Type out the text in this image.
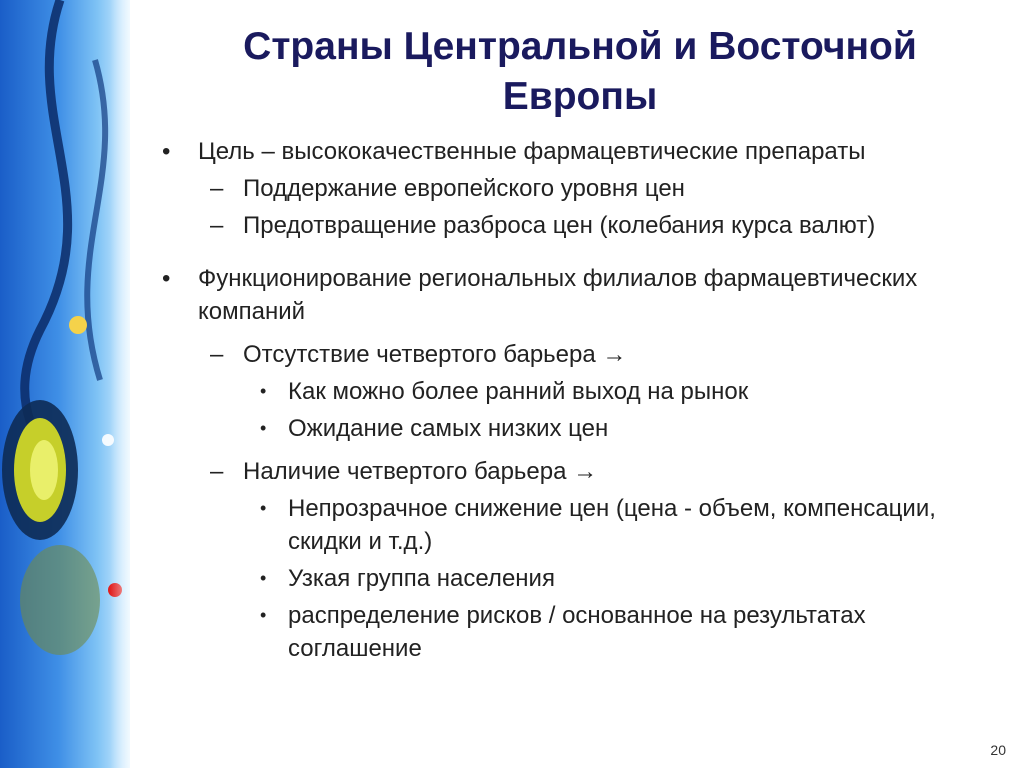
Страны Центральной и Восточной
Европы
• Цель – высококачественные фармацевтические препараты
– Поддержание европейского уровня цен
– Предотвращение разброса цен (колебания курса валют)
• Функционирование региональных филиалов фармацевтических компаний
– Отсутствие четвертого барьера →
• Как можно более ранний выход на рынок
• Ожидание самых низких цен
– Наличие четвертого барьера →
• Непрозрачное снижение цен (цена - объем, компенсации, скидки и т.д.)
• Узкая группа населения
• распределение рисков / основанное на результатах соглашение
20
